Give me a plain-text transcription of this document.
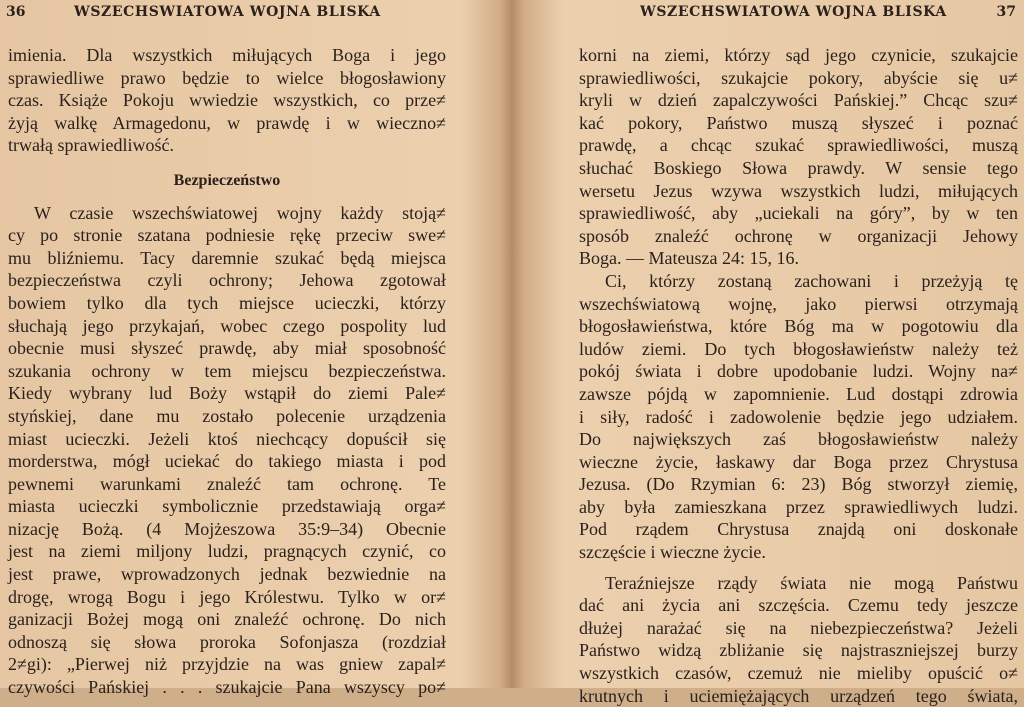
36	WSZECHSWIATOWA WOJNA BLISKA
imienia. Dla wszystkich miłujących Boga i jego
sprawiedliwe prawo będzie to wielce błogosławiony
czas. Książe Pokoju wwiedzie wszystkich, co prze≠
żyją walkę Armagedonu, w prawdę i w wieczno≠
trwałą sprawiedliwość.
Bezpieczeństwo
W czasie wszechświatowej wojny każdy stoją≠
cy po stronie szatana podniesie rękę przeciw swe≠
mu bliźniemu. Tacy daremnie szukać będą miejsca
bezpieczeństwa czyli ochrony; Jehowa zgotował
bowiem tylko dla tych miejsce ucieczki, którzy
słuchają jego przykajań, wobec czego pospolity lud
obecnie musi słyszeć prawdę, aby miał sposobność
szukania ochrony w tem miejscu bezpieczeństwa.
Kiedy wybrany lud Boży wstąpił do ziemi Pale≠
styńskiej, dane mu zostało polecenie urządzenia
miast ucieczki. Jeżeli ktoś niechcący dopuścił się
morderstwa, mógł uciekać do takiego miasta i pod
pewnemi warunkami znaleźć tam ochronę. Te
miasta ucieczki symbolicznie przedstawiają orga≠
nizację Bożą. (4 Mojżeszowa 35:9–34) Obecnie
jest na ziemi miljony ludzi, pragnących czynić, co
jest prawe, wprowadzonych jednak bezwiednie na
drogę, wrogą Bogu i jego Królestwu. Tylko w or≠
ganizacji Bożej mogą oni znaleźć ochronę. Do nich
odnoszą się słowa proroka Sofonjasza (rozdział
2≠gi): „Pierwej niż przyjdzie na was gniew zapal≠
czywości Pańskiej . . . szukajcie Pana wszyscy po≠
WSZECHSWIATOWA WOJNA BLISKA	37
korni na ziemi, którzy sąd jego czynicie, szukajcie
sprawiedliwości, szukajcie pokory, abyście się u≠
kryli w dzień zapalczywości Pańskiej.” Chcąc szu≠
kać pokory, Państwo muszą słyszeć i poznać
prawdę, a chcąc szukać sprawiedliwości, muszą
słuchać Boskiego Słowa prawdy. W sensie tego
wersetu Jezus wzywa wszystkich ludzi, miłujących
sprawiedliwość, aby „uciekali na góry”, by w ten
sposób znaleźć ochronę w organizacji Jehowy
Boga. — Mateusza 24: 15, 16.
Ci, którzy zostaną zachowani i przeżyją tę
wszechświatową wojnę, jako pierwsi otrzymają
błogosławieństwa, które Bóg ma w pogotowiu dla
ludów ziemi. Do tych błogosławieństw należy też
pokój świata i dobre upodobanie ludzi. Wojny na≠
zawsze pójdą w zapomnienie. Lud dostąpi zdrowia
i siły, radość i zadowolenie będzie jego udziałem.
Do największych zaś błogosławieństw należy
wieczne życie, łaskawy dar Boga przez Chrystusa
Jezusa. (Do Rzymian 6: 23) Bóg stworzył ziemię,
aby była zamieszkana przez sprawiedliwych ludzi.
Pod rządem Chrystusa znajdą oni doskonałe
szczęście i wieczne życie.
Teraźniejsze rządy świata nie mogą Państwu
dać ani życia ani szczęścia. Czemu tedy jeszcze
dłużej narażać się na niebezpieczeństwa? Jeżeli
Państwo widzą zbliżanie się najstraszniejszej burzy
wszystkich czasów, czemuż nie mieliby opuścić o≠
krutnych i uciemiężających urządzeń tego świata,
